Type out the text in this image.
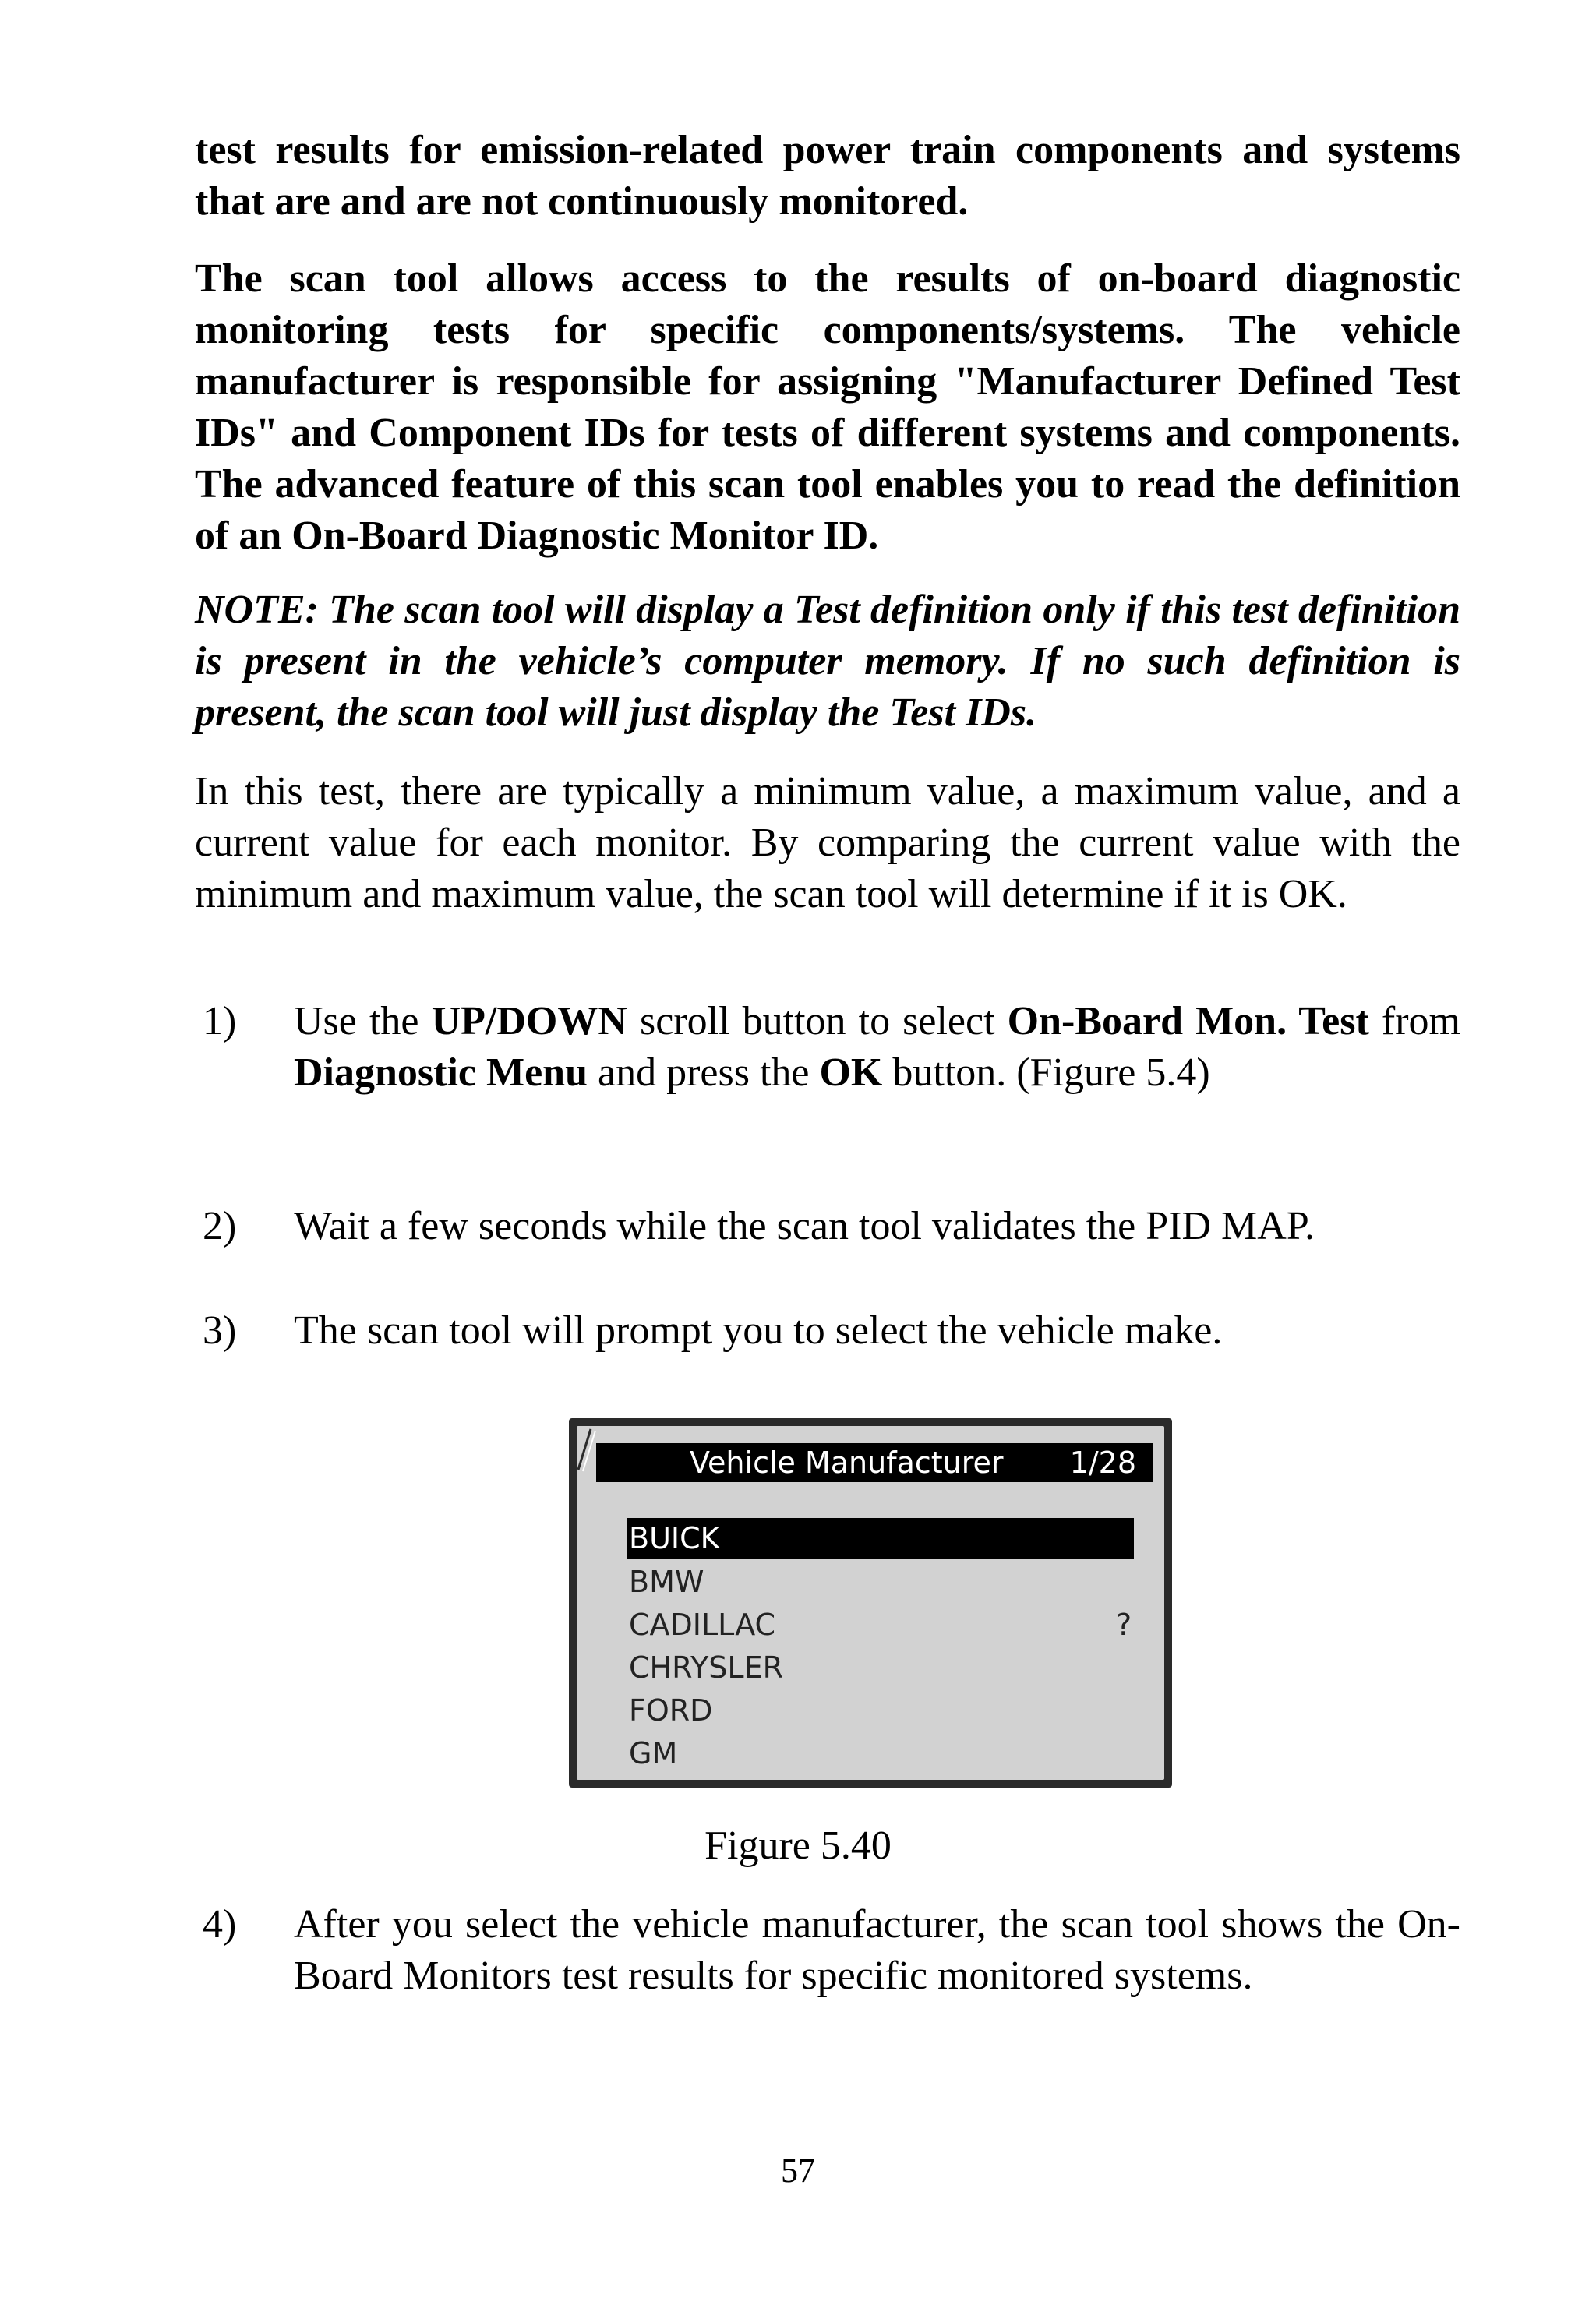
test results for emission-related power train components and systems that are and are not continuously monitored.

The scan tool allows access to the results of on-board diagnostic monitoring tests for specific components/systems. The vehicle manufacturer is responsible for assigning "Manufacturer Defined Test IDs" and Component IDs for tests of different systems and components. The advanced feature of this scan tool enables you to read the definition of an On-Board Diagnostic Monitor ID.

NOTE: The scan tool will display a Test definition only if this test definition is present in the vehicle’s computer memory. If no such definition is present, the scan tool will just display the Test IDs.

In this test, there are typically a minimum value, a maximum value, and a current value for each monitor. By comparing the current value with the minimum and maximum value, the scan tool will determine if it is OK.

1) Use the UP/DOWN scroll button to select On-Board Mon. Test from Diagnostic Menu and press the OK button. (Figure 5.4)
2) Wait a few seconds while the scan tool validates the PID MAP.
3) The scan tool will prompt you to select the vehicle make.
Vehicle Manufacturer 1/28
BUICK
BMW
CADILLAC
CHRYSLER
FORD
GM
?
Figure 5.40
4) After you select the vehicle manufacturer, the scan tool shows the On-Board Monitors test results for specific monitored systems.
57
